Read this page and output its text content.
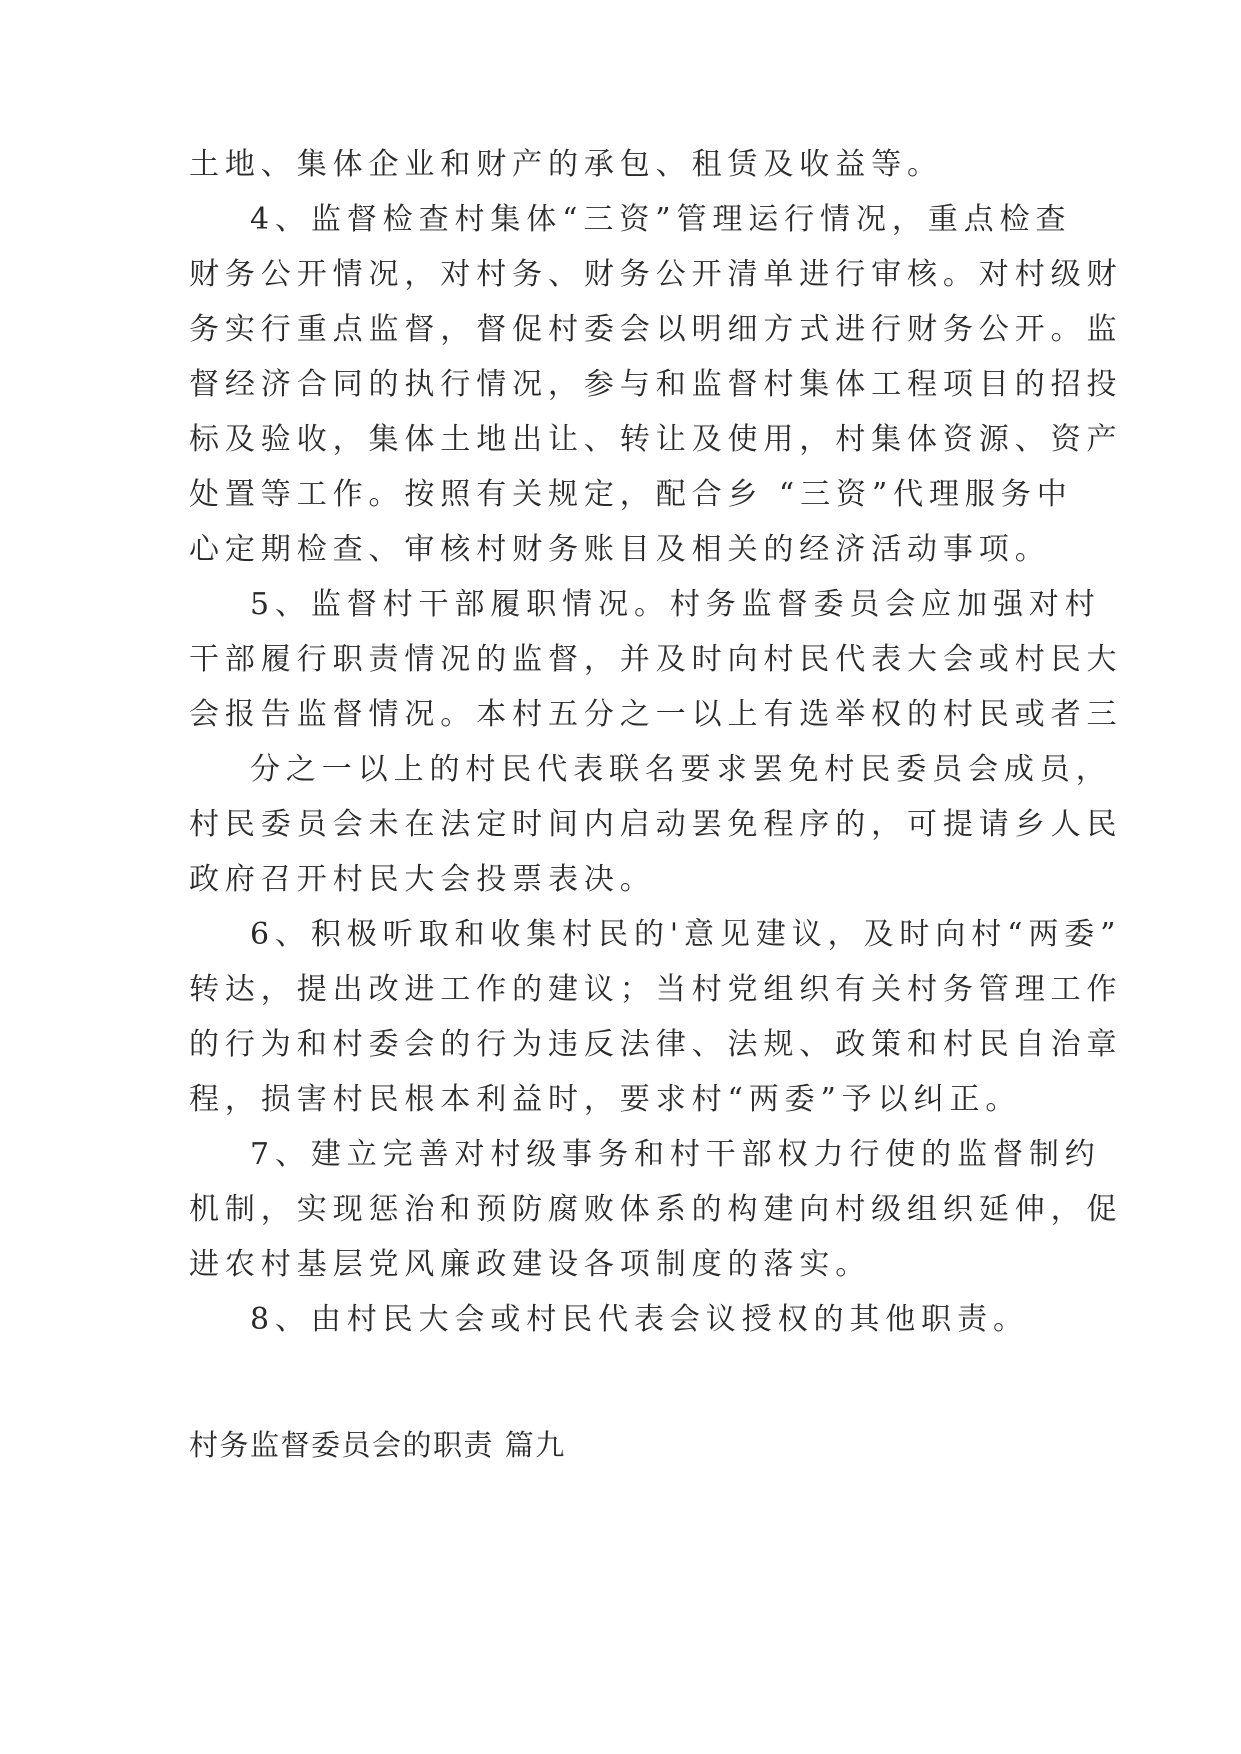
土地、集体企业和财产的承包、租赁及收益等。
4、监督检查村集体“三资”管理运行情况，重点检查
财务公开情况，对村务、财务公开清单进行审核。对村级财
务实行重点监督，督促村委会以明细方式进行财务公开。监
督经济合同的执行情况，参与和监督村集体工程项目的招投
标及验收，集体土地出让、转让及使用，村集体资源、资产
处置等工作。按照有关规定，配合乡 “三资”代理服务中
心定期检查、审核村财务账目及相关的经济活动事项。
5、监督村干部履职情况。村务监督委员会应加强对村
干部履行职责情况的监督，并及时向村民代表大会或村民大
会报告监督情况。本村五分之一以上有选举权的村民或者三
分之一以上的村民代表联名要求罢免村民委员会成员，
村民委员会未在法定时间内启动罢免程序的，可提请乡人民
政府召开村民大会投票表决。
6、积极听取和收集村民的'意见建议，及时向村“两委”
转达，提出改进工作的建议；当村党组织有关村务管理工作
的行为和村委会的行为违反法律、法规、政策和村民自治章
程，损害村民根本利益时，要求村“两委”予以纠正。
7、建立完善对村级事务和村干部权力行使的监督制约
机制，实现惩治和预防腐败体系的构建向村级组织延伸，促
进农村基层党风廉政建设各项制度的落实。
8、由村民大会或村民代表会议授权的其他职责。
村务监督委员会的职责 篇九
